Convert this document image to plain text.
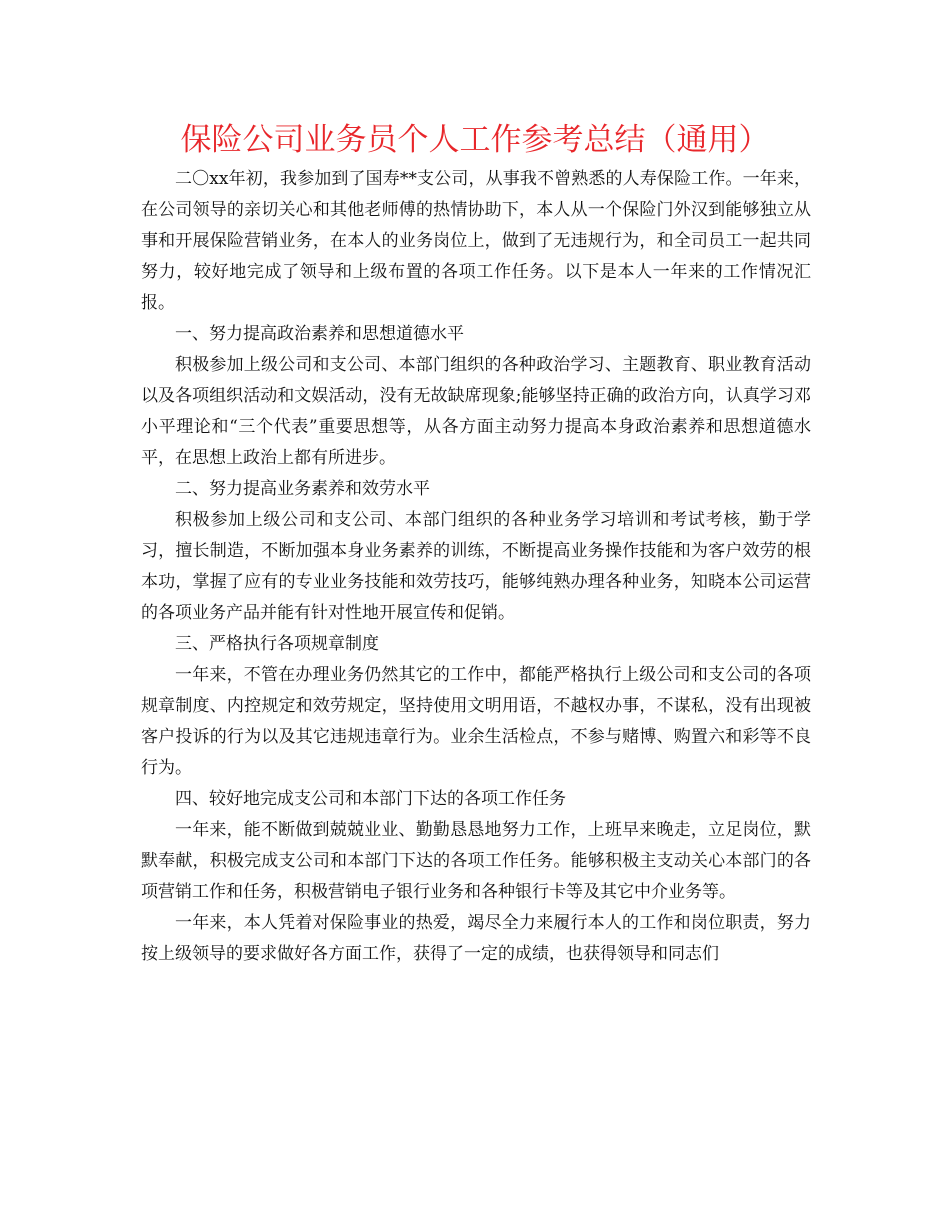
保险公司业务员个人工作参考总结（通用）

二〇xx年初，我参加到了国寿**支公司，从事我不曾熟悉的人寿保险工作。一年来，在公司领导的亲切关心和其他老师傅的热情协助下，本人从一个保险门外汉到能够独立从事和开展保险营销业务，在本人的业务岗位上，做到了无违规行为，和全司员工一起共同努力，较好地完成了领导和上级布置的各项工作任务。以下是本人一年来的工作情况汇报。

一、努力提高政治素养和思想道德水平

积极参加上级公司和支公司、本部门组织的各种政治学习、主题教育、职业教育活动以及各项组织活动和文娱活动，没有无故缺席现象;能够坚持正确的政治方向，认真学习邓小平理论和“三个代表”重要思想等，从各方面主动努力提高本身政治素养和思想道德水平，在思想上政治上都有所进步。

二、努力提高业务素养和效劳水平

积极参加上级公司和支公司、本部门组织的各种业务学习培训和考试考核，勤于学习，擅长制造，不断加强本身业务素养的训练，不断提高业务操作技能和为客户效劳的根本功，掌握了应有的专业业务技能和效劳技巧，能够纯熟办理各种业务，知晓本公司运营的各项业务产品并能有针对性地开展宣传和促销。

三、严格执行各项规章制度

一年来，不管在办理业务仍然其它的工作中，都能严格执行上级公司和支公司的各项规章制度、内控规定和效劳规定，坚持使用文明用语，不越权办事，不谋私，没有出现被客户投诉的行为以及其它违规违章行为。业余生活检点，不参与赌博、购置六和彩等不良行为。

四、较好地完成支公司和本部门下达的各项工作任务

一年来，能不断做到兢兢业业、勤勤恳恳地努力工作，上班早来晚走，立足岗位，默默奉献，积极完成支公司和本部门下达的各项工作任务。能够积极主支动关心本部门的各项营销工作和任务，积极营销电子银行业务和各种银行卡等及其它中介业务等。

一年来，本人凭着对保险事业的热爱，竭尽全力来履行本人的工作和岗位职责，努力按上级领导的要求做好各方面工作，获得了一定的成绩，也获得领导和同志们
